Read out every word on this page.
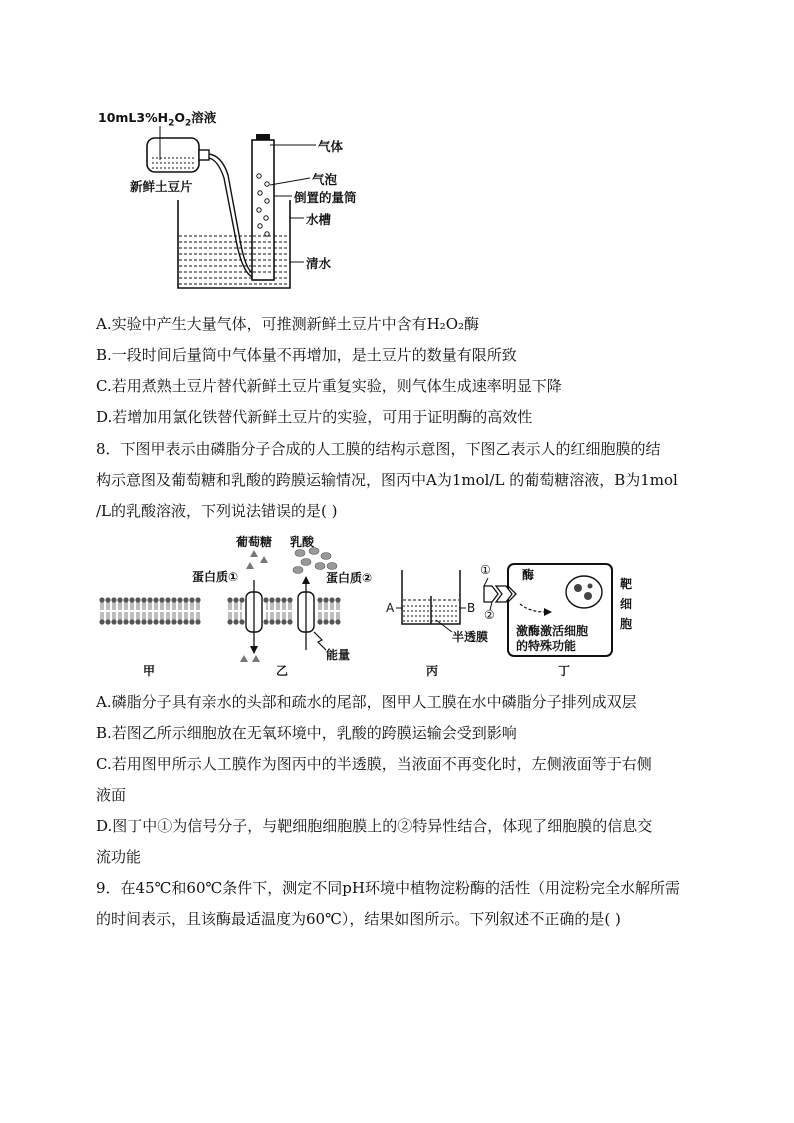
$10mL3\%H_2O_2$溶液
新鲜土豆片
气体
气泡
倒置的量筒
水槽
清水
A.实验中产生大量气体，可推测新鲜土豆片中含有H₂O₂酶
B.一段时间后量筒中气体量不再增加，是土豆片的数量有限所致
C.若用煮熟土豆片替代新鲜土豆片重复实验，则气体生成速率明显下降
D.若增加用氯化铁替代新鲜土豆片的实验，可用于证明酶的高效性
8．下图甲表示由磷脂分子合成的人工膜的结构示意图，下图乙表示人的红细胞膜的结
构示意图及葡萄糖和乳酸的跨膜运输情况，图丙中A为1mol/L 的葡萄糖溶液，B为1mol
/L的乳酸溶液，下列说法错误的是( )
葡萄糖 乳酸
蛋白质①	蛋白质②
能量
A	B
半透膜
酶
①
②
靶细胞
激酶激活细胞
的特殊功能
甲	乙	丙	丁
A.磷脂分子具有亲水的头部和疏水的尾部，图甲人工膜在水中磷脂分子排列成双层
B.若图乙所示细胞放在无氧环境中，乳酸的跨膜运输会受到影响
C.若用图甲所示人工膜作为图丙中的半透膜，当液面不再变化时，左侧液面等于右侧
液面
D.图丁中①为信号分子，与靶细胞细胞膜上的②特异性结合，体现了细胞膜的信息交
流功能
9．在45℃和60℃条件下，测定不同pH环境中植物淀粉酶的活性（用淀粉完全水解所需
的时间表示，且该酶最适温度为60℃），结果如图所示。下列叙述不正确的是( )
